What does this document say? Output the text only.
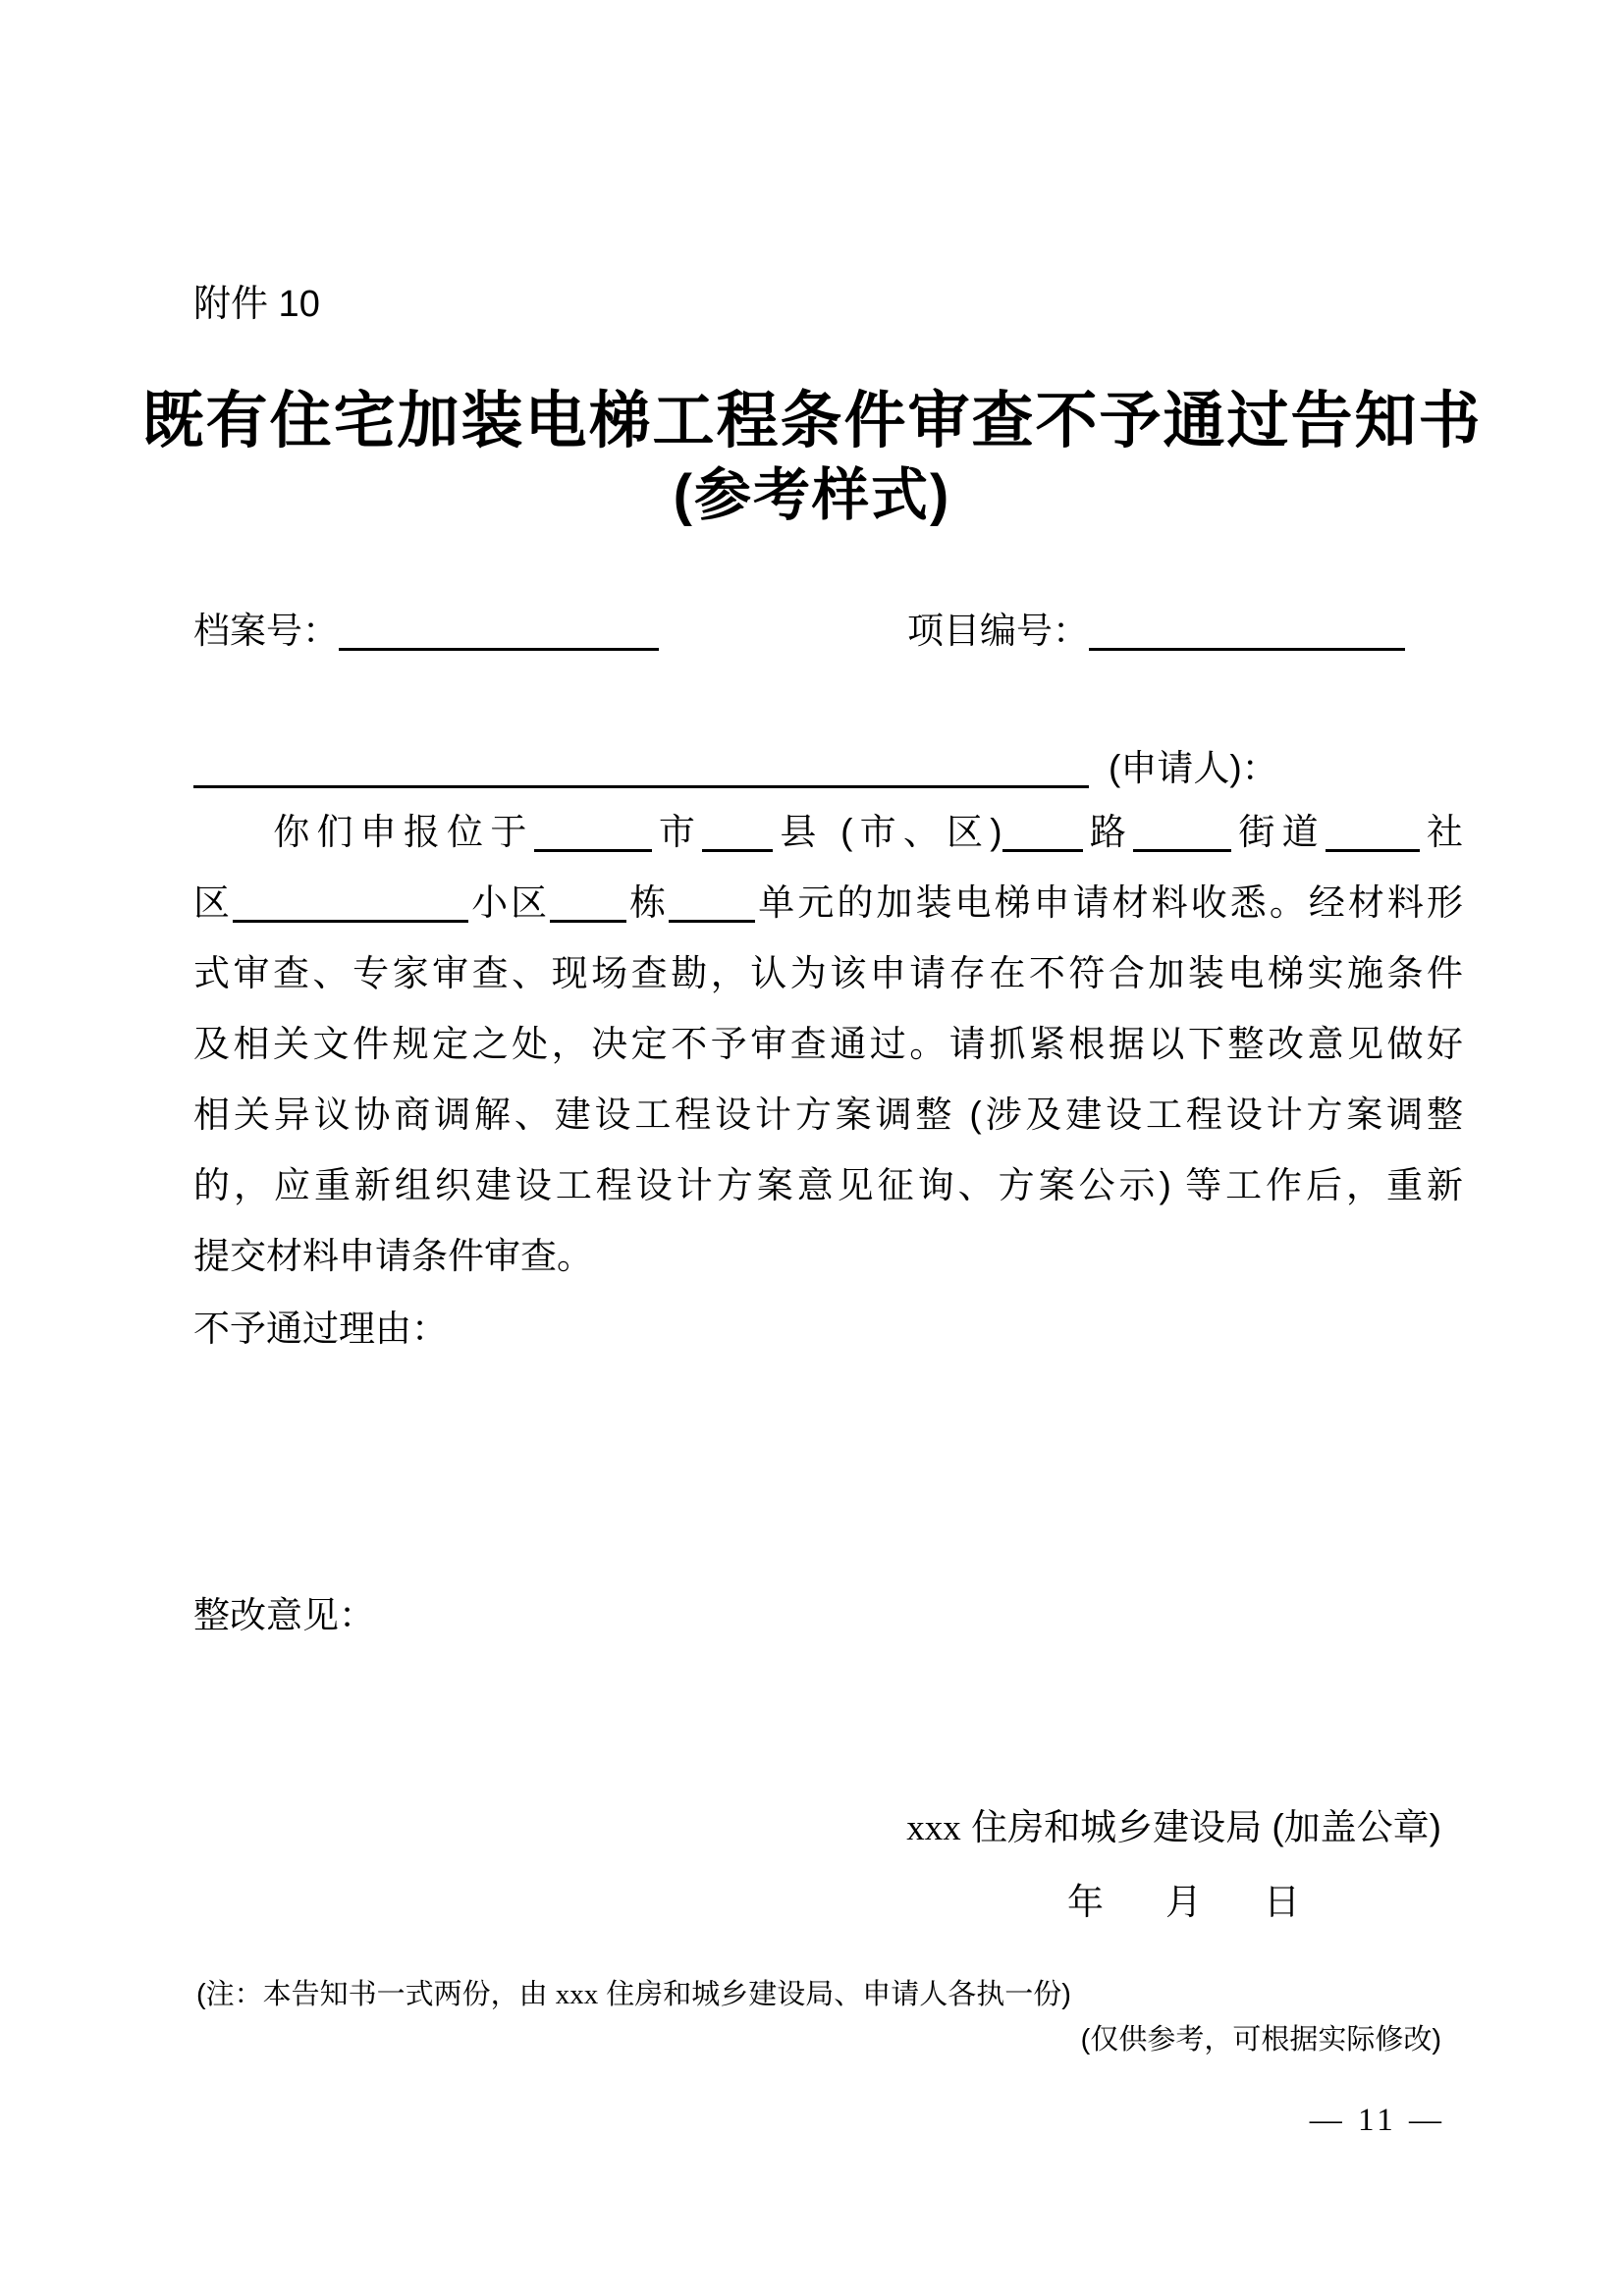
附件 10
既有住宅加装电梯工程条件审查不予通过告知书
(参考样式)
档案号：	项目编号：
(申请人)：
你们申报位于	市 县 (市、区) 路	街道	社
区	小区 栋 单元的加装电梯申请材料收悉。经材料形
式审查、专家审查、现场查勘，认为该申请存在不符合加装电梯实施条件
及相关文件规定之处，决定不予审查通过。请抓紧根据以下整改意见做好
相关异议协商调解、建设工程设计方案调整 (涉及建设工程设计方案调整
的，应重新组织建设工程设计方案意见征询、方案公示) 等工作后，重新
提交材料申请条件审查。
不予通过理由：
整改意见：
xxx 住房和城乡建设局 (加盖公章)
年　月　日
(注：本告知书一式两份，由 xxx 住房和城乡建设局、申请人各执一份)
(仅供参考，可根据实际修改)
— 11 —
